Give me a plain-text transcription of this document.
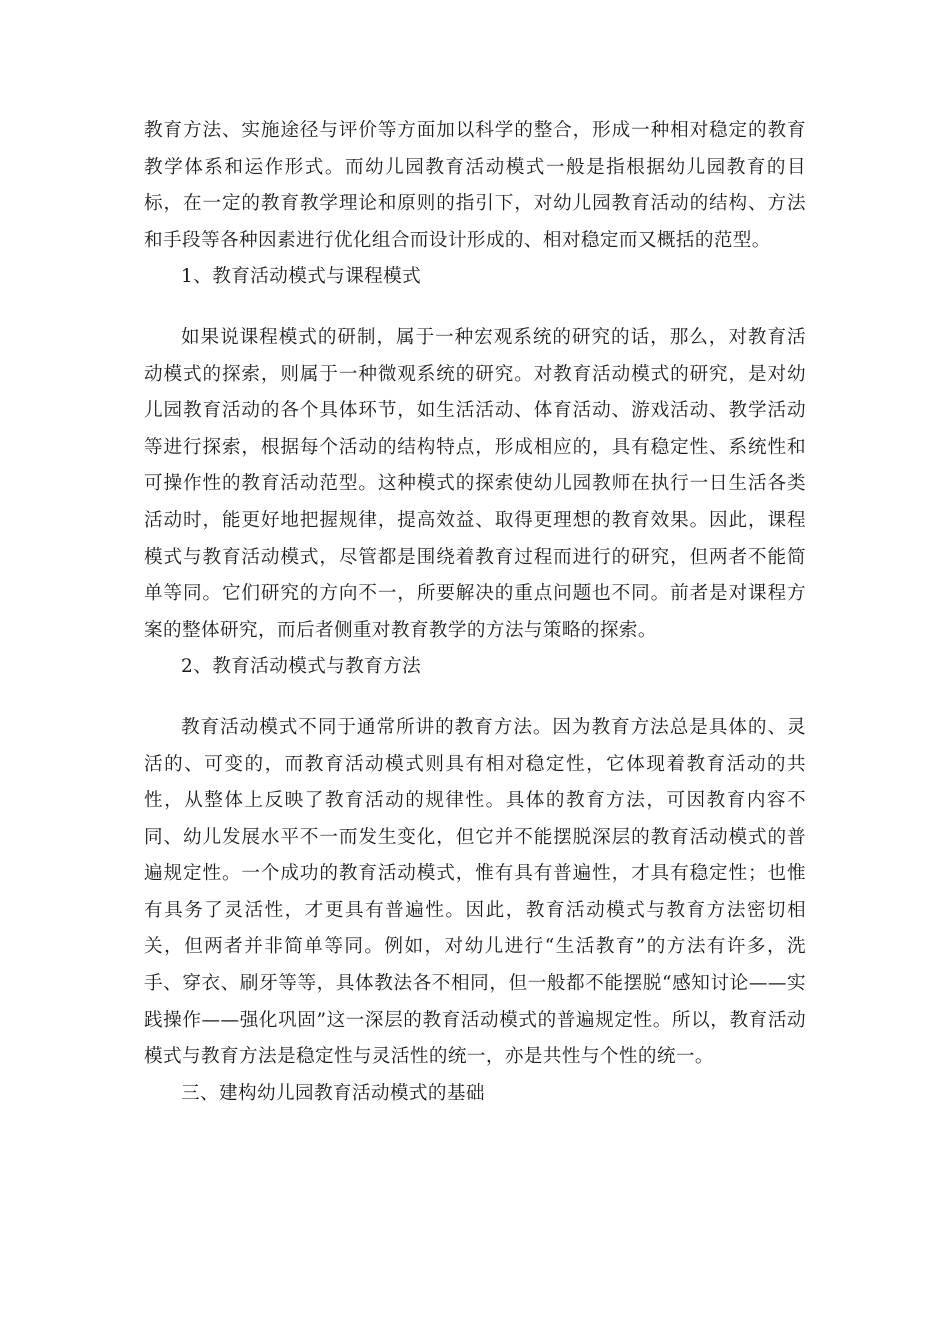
教育方法、实施途径与评价等方面加以科学的整合，形成一种相对稳定的教育教学体系和运作形式。而幼儿园教育活动模式一般是指根据幼儿园教育的目标，在一定的教育教学理论和原则的指引下，对幼儿园教育活动的结构、方法和手段等各种因素进行优化组合而设计形成的、相对稳定而又概括的范型。

1、教育活动模式与课程模式

如果说课程模式的研制，属于一种宏观系统的研究的话，那么，对教育活动模式的探索，则属于一种微观系统的研究。对教育活动模式的研究，是对幼儿园教育活动的各个具体环节，如生活活动、体育活动、游戏活动、教学活动等进行探索，根据每个活动的结构特点，形成相应的，具有稳定性、系统性和可操作性的教育活动范型。这种模式的探索使幼儿园教师在执行一日生活各类活动时，能更好地把握规律，提高效益、取得更理想的教育效果。因此，课程模式与教育活动模式，尽管都是围绕着教育过程而进行的研究，但两者不能简单等同。它们研究的方向不一，所要解决的重点问题也不同。前者是对课程方案的整体研究，而后者侧重对教育教学的方法与策略的探索。

2、教育活动模式与教育方法

教育活动模式不同于通常所讲的教育方法。因为教育方法总是具体的、灵活的、可变的，而教育活动模式则具有相对稳定性，它体现着教育活动的共性，从整体上反映了教育活动的规律性。具体的教育方法，可因教育内容不同、幼儿发展水平不一而发生变化，但它并不能摆脱深层的教育活动模式的普遍规定性。一个成功的教育活动模式，惟有具有普遍性，才具有稳定性；也惟有具务了灵活性，才更具有普遍性。因此，教育活动模式与教育方法密切相关，但两者并非简单等同。例如，对幼儿进行“生活教育”的方法有许多，洗手、穿衣、刷牙等等，具体教法各不相同，但一般都不能摆脱“感知讨论——实践操作——强化巩固”这一深层的教育活动模式的普遍规定性。所以，教育活动模式与教育方法是稳定性与灵活性的统一，亦是共性与个性的统一。

三、建构幼儿园教育活动模式的基础
